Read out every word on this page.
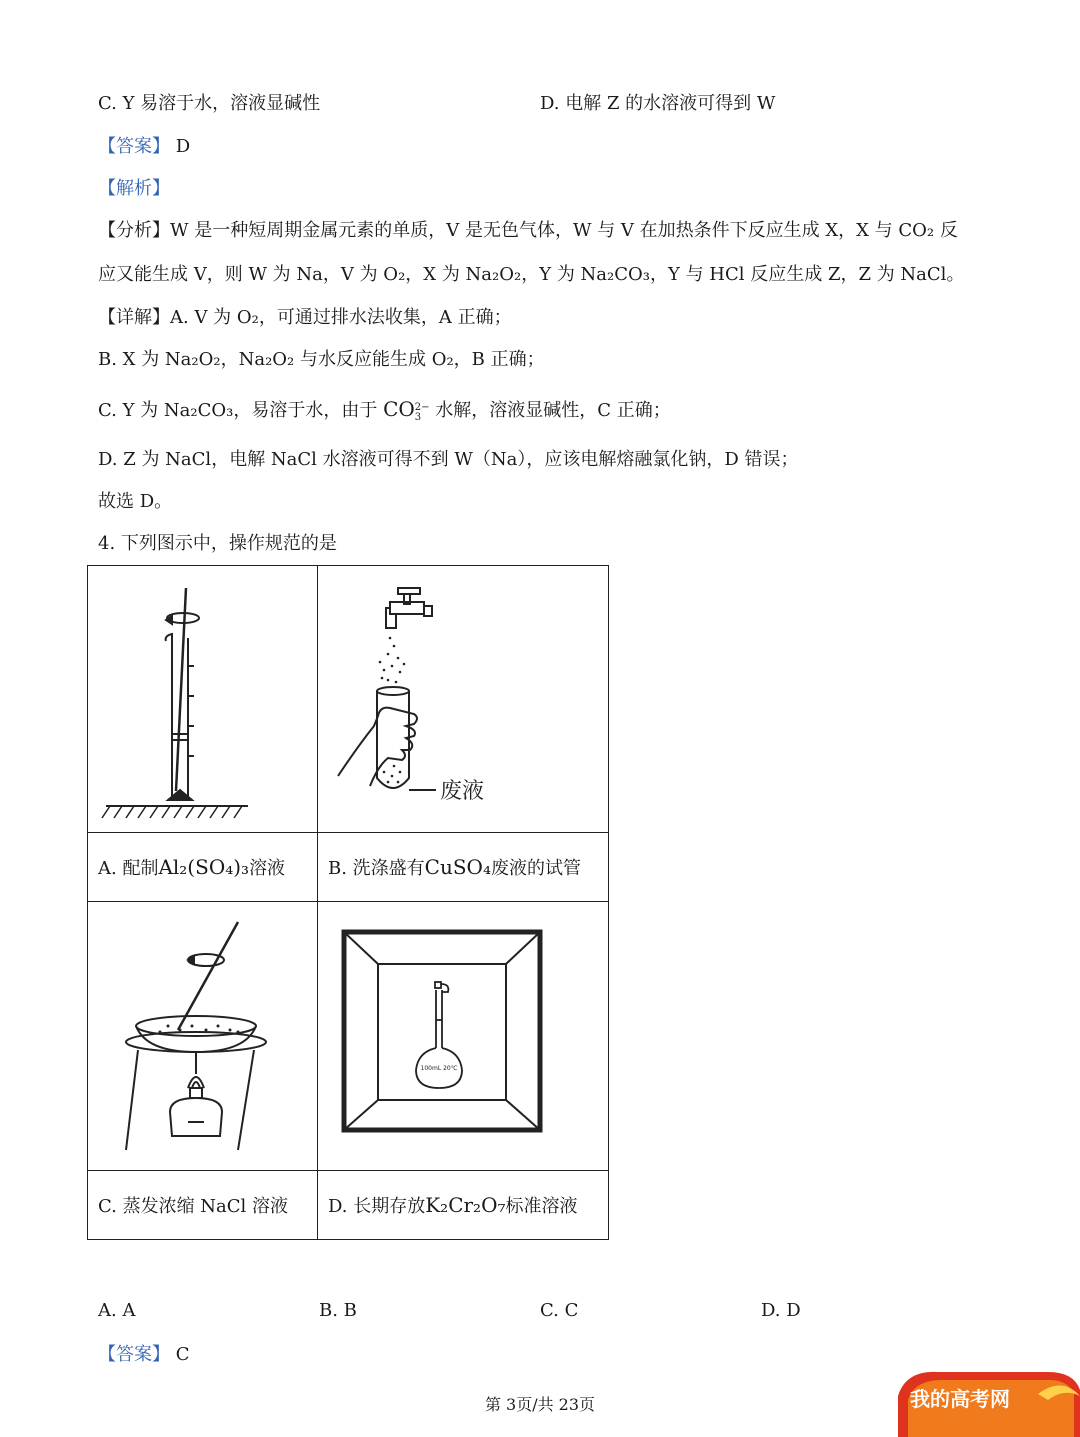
C. Y 易溶于水，溶液显碱性	D. 电解 Z 的水溶液可得到 W
【答案】 D
【解析】
【分析】W 是一种短周期金属元素的单质，V 是无色气体，W 与 V 在加热条件下反应生成 X，X 与 CO₂ 反
应又能生成 V，则 W 为 Na，V 为 O₂，X 为 Na₂O₂，Y 为 Na₂CO₃，Y 与 HCl 反应生成 Z，Z 为 NaCl。
【详解】A. V 为 O₂，可通过排水法收集，A 正确；
B. X 为 Na₂O₂，Na₂O₂ 与水反应能生成 O₂，B 正确；
C. Y 为 Na₂CO₃，易溶于水，由于 CO 2−
3 水解，溶液显碱性，C 正确；
D. Z 为 NaCl，电解 NaCl 水溶液可得不到 W（Na），应该电解熔融氯化钠，D 错误；
故选 D。
4. 下列图示中，操作规范的是

废液

A. 配制Al₂(SO₄)₃溶液	B. 洗涤盛有CuSO₄废液的试管

100mL 20℃

C. 蒸发浓缩 NaCl 溶液	D. 长期存放K₂Cr₂O₇标准溶液
A. A	B. B	C. C	D. D
【答案】 C
第 3页/共 23页	我的高考网
